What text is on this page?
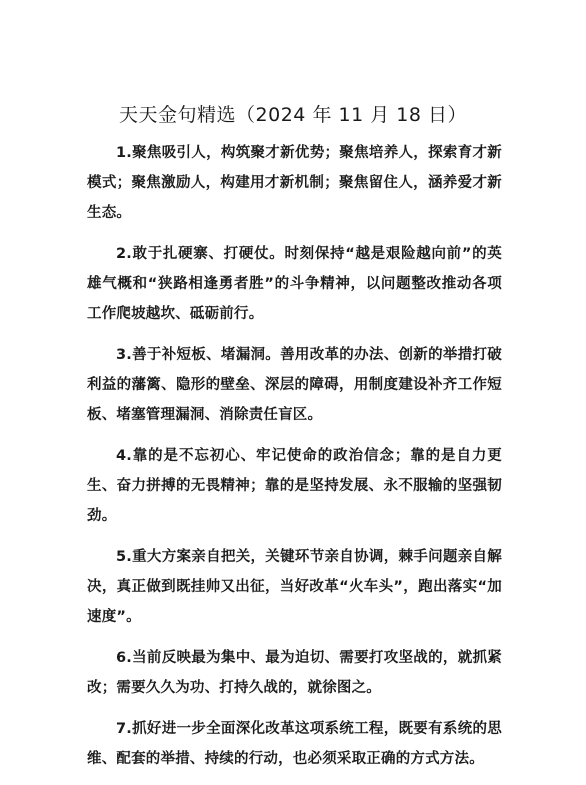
天天金句精选（2024 年 11 月 18 日）

1.聚焦吸引人，构筑聚才新优势；聚焦培养人，探索育才新模式；聚焦激励人，构建用才新机制；聚焦留住人，涵养爱才新生态。

2.敢于扎硬寨、打硬仗。时刻保持“越是艰险越向前”的英雄气概和“狭路相逢勇者胜”的斗争精神，以问题整改推动各项工作爬坡越坎、砥砺前行。

3.善于补短板、堵漏洞。善用改革的办法、创新的举措打破利益的藩篱、隐形的壁垒、深层的障碍，用制度建设补齐工作短板、堵塞管理漏洞、消除责任盲区。

4.靠的是不忘初心、牢记使命的政治信念；靠的是自力更生、奋力拼搏的无畏精神；靠的是坚持发展、永不服输的坚强韧劲。

5.重大方案亲自把关，关键环节亲自协调，棘手问题亲自解决，真正做到既挂帅又出征，当好改革“火车头”，跑出落实“加速度”。

6.当前反映最为集中、最为迫切、需要打攻坚战的，就抓紧改；需要久久为功、打持久战的，就徐图之。

7.抓好进一步全面深化改革这项系统工程，既要有系统的思维、配套的举措、持续的行动，也必须采取正确的方式方法。
